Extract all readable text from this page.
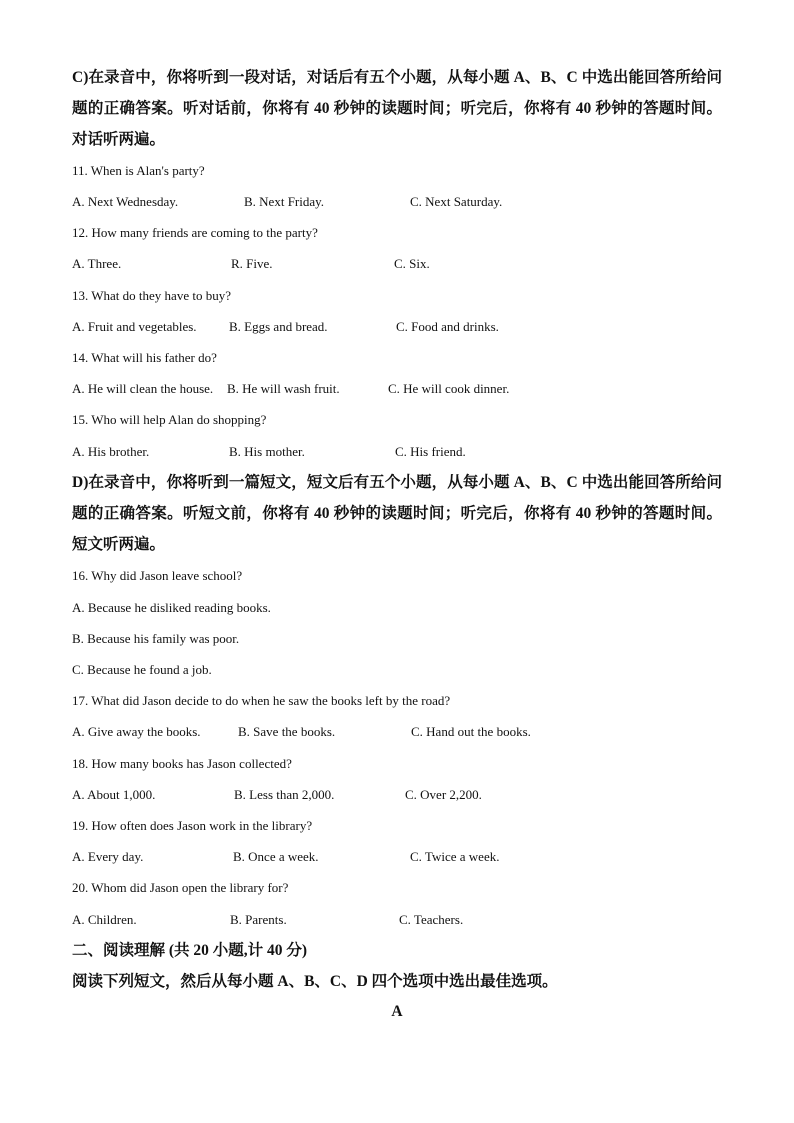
C)在录音中，你将听到一段对话，对话后有五个小题，从每小题 A、B、C 中选出能回答所给问题的正确答案。听对话前，你将有 40 秒钟的读题时间；听完后，你将有 40 秒钟的答题时间。对话听两遍。

11. When is Alan's party?
A. Next Wednesday.	B. Next Friday.	C. Next Saturday.
12. How many friends are coming to the party?
A. Three.	R. Five.	C. Six.
13. What do they have to buy?
A. Fruit and vegetables. B. Eggs and bread.	C. Food and drinks.
14. What will his father do?
A. He will clean the house. B. He will wash fruit.	C. He will cook dinner.
15. Who will help Alan do shopping?
A. His brother.	B. His mother.	C. His friend.

D)在录音中，你将听到一篇短文，短文后有五个小题，从每小题 A、B、C 中选出能回答所给问题的正确答案。听短文前，你将有 40 秒钟的读题时间；听完后，你将有 40 秒钟的答题时间。短文听两遍。

16. Why did Jason leave school?
A. Because he disliked reading books.
B. Because his family was poor.
C. Because he found a job.
17. What did Jason decide to do when he saw the books left by the road?
A. Give away the books.	B. Save the books.	C. Hand out the books.
18. How many books has Jason collected?
A. About 1,000.	B. Less than 2,000.	C. Over 2,200.
19. How often does Jason work in the library?
A. Every day.	B. Once a week.	C. Twice a week.
20. Whom did Jason open the library for?
A. Children.	B. Parents.	C. Teachers.
二、阅读理解 (共 20 小题,计 40 分)
阅读下列短文，然后从每小题 A、B、C、D 四个选项中选出最佳选项。
A
